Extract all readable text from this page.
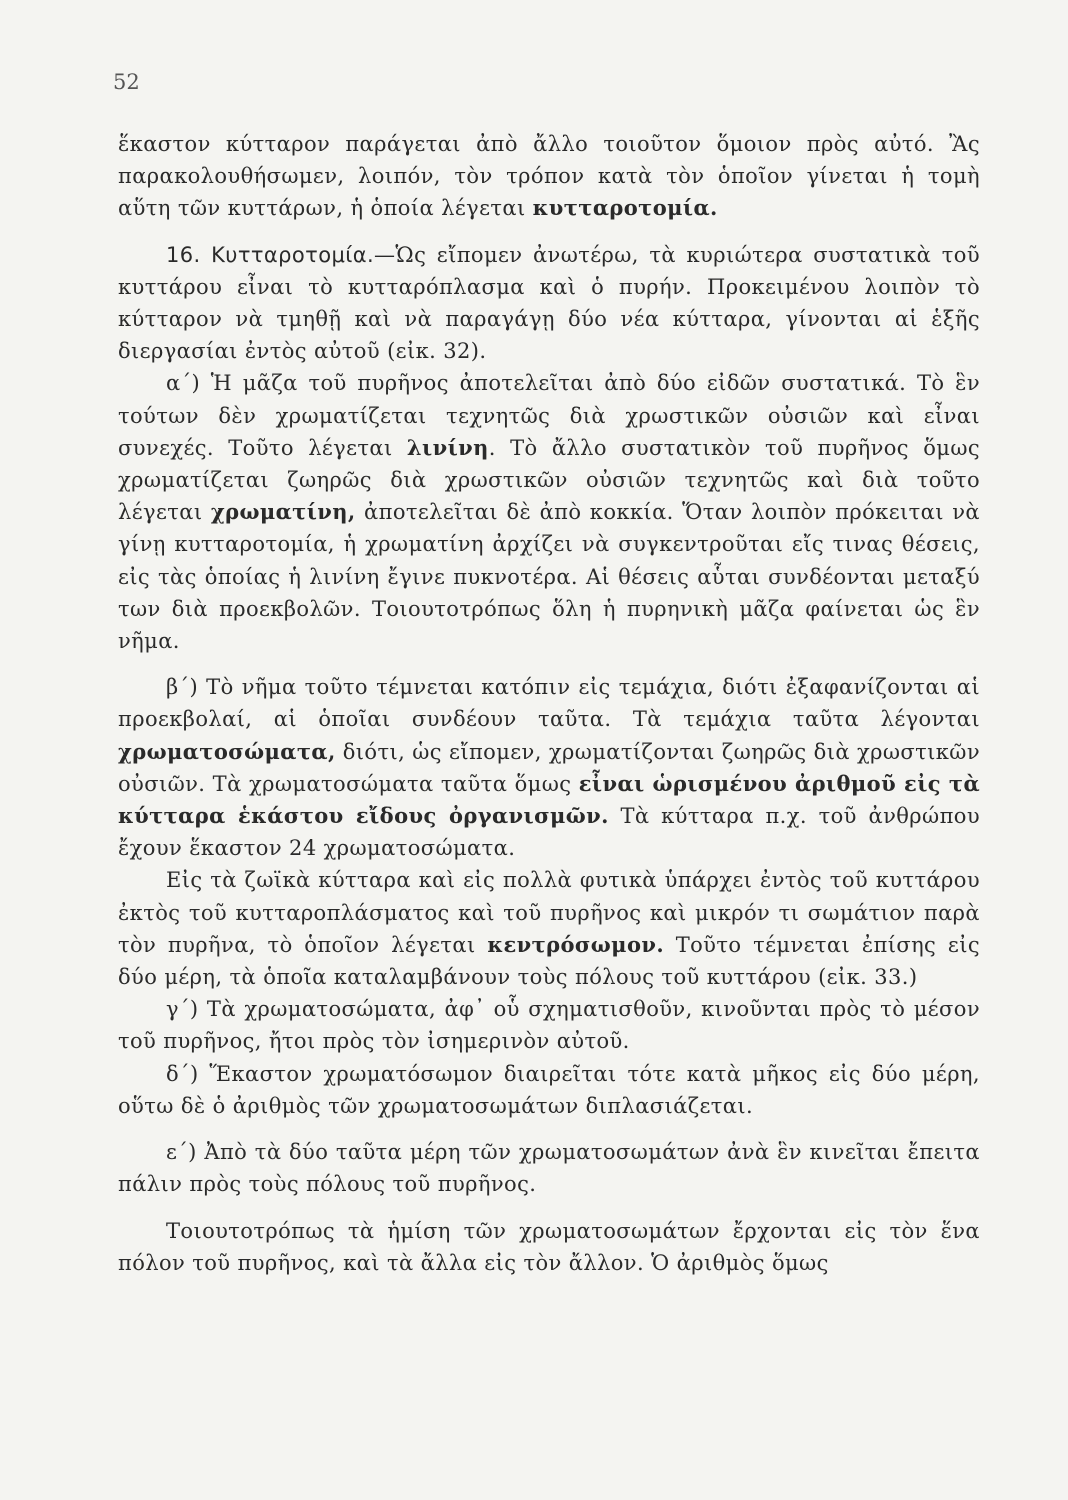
52

ἕκαστον κύτταρον παράγεται ἀπὸ ἄλλο τοιοῦτον ὅμοιον πρὸς αὐτό. Ἂς παρακολουθήσωμεν, λοιπόν, τὸν τρόπον κατὰ τὸν ὁποῖον γίνεται ἡ τομὴ αὕτη τῶν κυττάρων, ἡ ὁποία λέγεται κυτταροτομία.

16. Κυτταροτομία.—Ὡς εἴπομεν ἀνωτέρω, τὰ κυριώτερα συστατικὰ τοῦ κυττάρου εἶναι τὸ κυτταρόπλασμα καὶ ὁ πυρήν. Προκειμένου λοιπὸν τὸ κύτταρον νὰ τμηθῇ καὶ νὰ παραγάγῃ δύο νέα κύτταρα, γίνονται αἱ ἑξῆς διεργασίαι ἐντὸς αὐτοῦ (εἰκ. 32).

α΄) Ἡ μᾶζα τοῦ πυρῆνος ἀποτελεῖται ἀπὸ δύο εἰδῶν συστατικά. Τὸ ἓν τούτων δὲν χρωματίζεται τεχνητῶς διὰ χρωστικῶν οὐσιῶν καὶ εἶναι συνεχές. Τοῦτο λέγεται λινίνη. Τὸ ἄλλο συστατικὸν τοῦ πυρῆνος ὅμως χρωματίζεται ζωηρῶς διὰ χρωστικῶν οὐσιῶν τεχνητῶς καὶ διὰ τοῦτο λέγεται χρωματίνη, ἀποτελεῖται δὲ ἀπὸ κοκκία. Ὅταν λοιπὸν πρόκειται νὰ γίνῃ κυτταροτομία, ἡ χρωματίνη ἀρχίζει νὰ συγκεντροῦται εἴς τινας θέσεις, εἰς τὰς ὁποίας ἡ λινίνη ἔγινε πυκνοτέρα. Αἱ θέσεις αὗται συνδέονται μεταξύ των διὰ προεκβολῶν. Τοιουτοτρόπως ὅλη ἡ πυρηνικὴ μᾶζα φαίνεται ὡς ἓν νῆμα.

β΄) Τὸ νῆμα τοῦτο τέμνεται κατόπιν εἰς τεμάχια, διότι ἐξαφανίζονται αἱ προεκβολαί, αἱ ὁποῖαι συνδέουν ταῦτα. Τὰ τεμάχια ταῦτα λέγονται χρωματοσώματα, διότι, ὡς εἴπομεν, χρωματίζονται ζωηρῶς διὰ χρωστικῶν οὐσιῶν. Τὰ χρωματοσώματα ταῦτα ὅμως εἶναι ὡρισμένου ἀριθμοῦ εἰς τὰ κύτταρα ἑκάστου εἴδους ὀργανισμῶν. Τὰ κύτταρα π.χ. τοῦ ἀνθρώπου ἔχουν ἕκαστον 24 χρωματοσώματα.

Εἰς τὰ ζωϊκὰ κύτταρα καὶ εἰς πολλὰ φυτικὰ ὑπάρχει ἐντὸς τοῦ κυττάρου ἐκτὸς τοῦ κυτταροπλάσματος καὶ τοῦ πυρῆνος καὶ μικρόν τι σωμάτιον παρὰ τὸν πυρῆνα, τὸ ὁποῖον λέγεται κεντρόσωμον. Τοῦτο τέμνεται ἐπίσης εἰς δύο μέρη, τὰ ὁποῖα καταλαμβάνουν τοὺς πόλους τοῦ κυττάρου (εἰκ. 33.)

γ΄) Τὰ χρωματοσώματα, ἀφ᾽ οὗ σχηματισθοῦν, κινοῦνται πρὸς τὸ μέσον τοῦ πυρῆνος, ἤτοι πρὸς τὸν ἰσημερινὸν αὐτοῦ.

δ΄) Ἕκαστον χρωματόσωμον διαιρεῖται τότε κατὰ μῆκος εἰς δύο μέρη, οὕτω δὲ ὁ ἀριθμὸς τῶν χρωματοσωμάτων διπλασιάζεται.

ε΄) Ἀπὸ τὰ δύο ταῦτα μέρη τῶν χρωματοσωμάτων ἀνὰ ἓν κινεῖται ἔπειτα πάλιν πρὸς τοὺς πόλους τοῦ πυρῆνος.

Τοιουτοτρόπως τὰ ἡμίση τῶν χρωματοσωμάτων ἔρχονται εἰς τὸν ἕνα πόλον τοῦ πυρῆνος, καὶ τὰ ἄλλα εἰς τὸν ἄλλον. Ὁ ἀριθμὸς ὅμως
